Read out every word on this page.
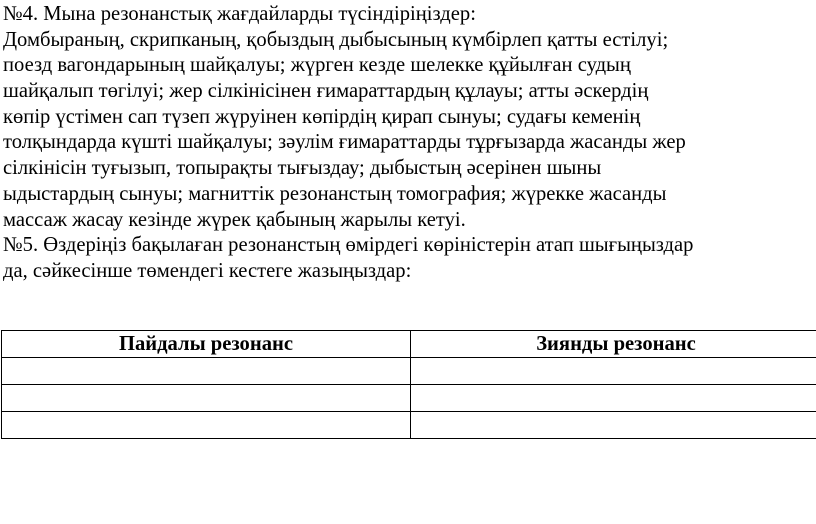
№4. Мына резонанстық жағдайларды түсіндіріңіздер:
Домбыраның, скрипканың, қобыздың дыбысының күмбірлеп қатты естілуі;
поезд вагондарының шайқалуы; жүрген кезде шелекке құйылған судың
шайқалып төгілуі; жер сілкінісінен ғимараттардың құлауы; атты әскердің
көпір үстімен сап түзеп жүруінен көпірдің қирап сынуы; судағы кеменің
толқындарда күшті шайқалуы; зәулім ғимараттарды тұрғызарда жасанды жер
сілкінісін туғызып, топырақты тығыздау; дыбыстың әсерінен шыны
ыдыстардың сынуы; магниттік резонанстың томография; жүрекке жасанды
массаж жасау кезінде жүрек қабының жарылы кетуі.
№5. Өздеріңіз бақылаған резонанстың өмірдегі көріністерін атап шығыңыздар
да, сәйкесінше төмендегі кестеге жазыңыздар:
Пайдалы резонанс	Зиянды резонанс
